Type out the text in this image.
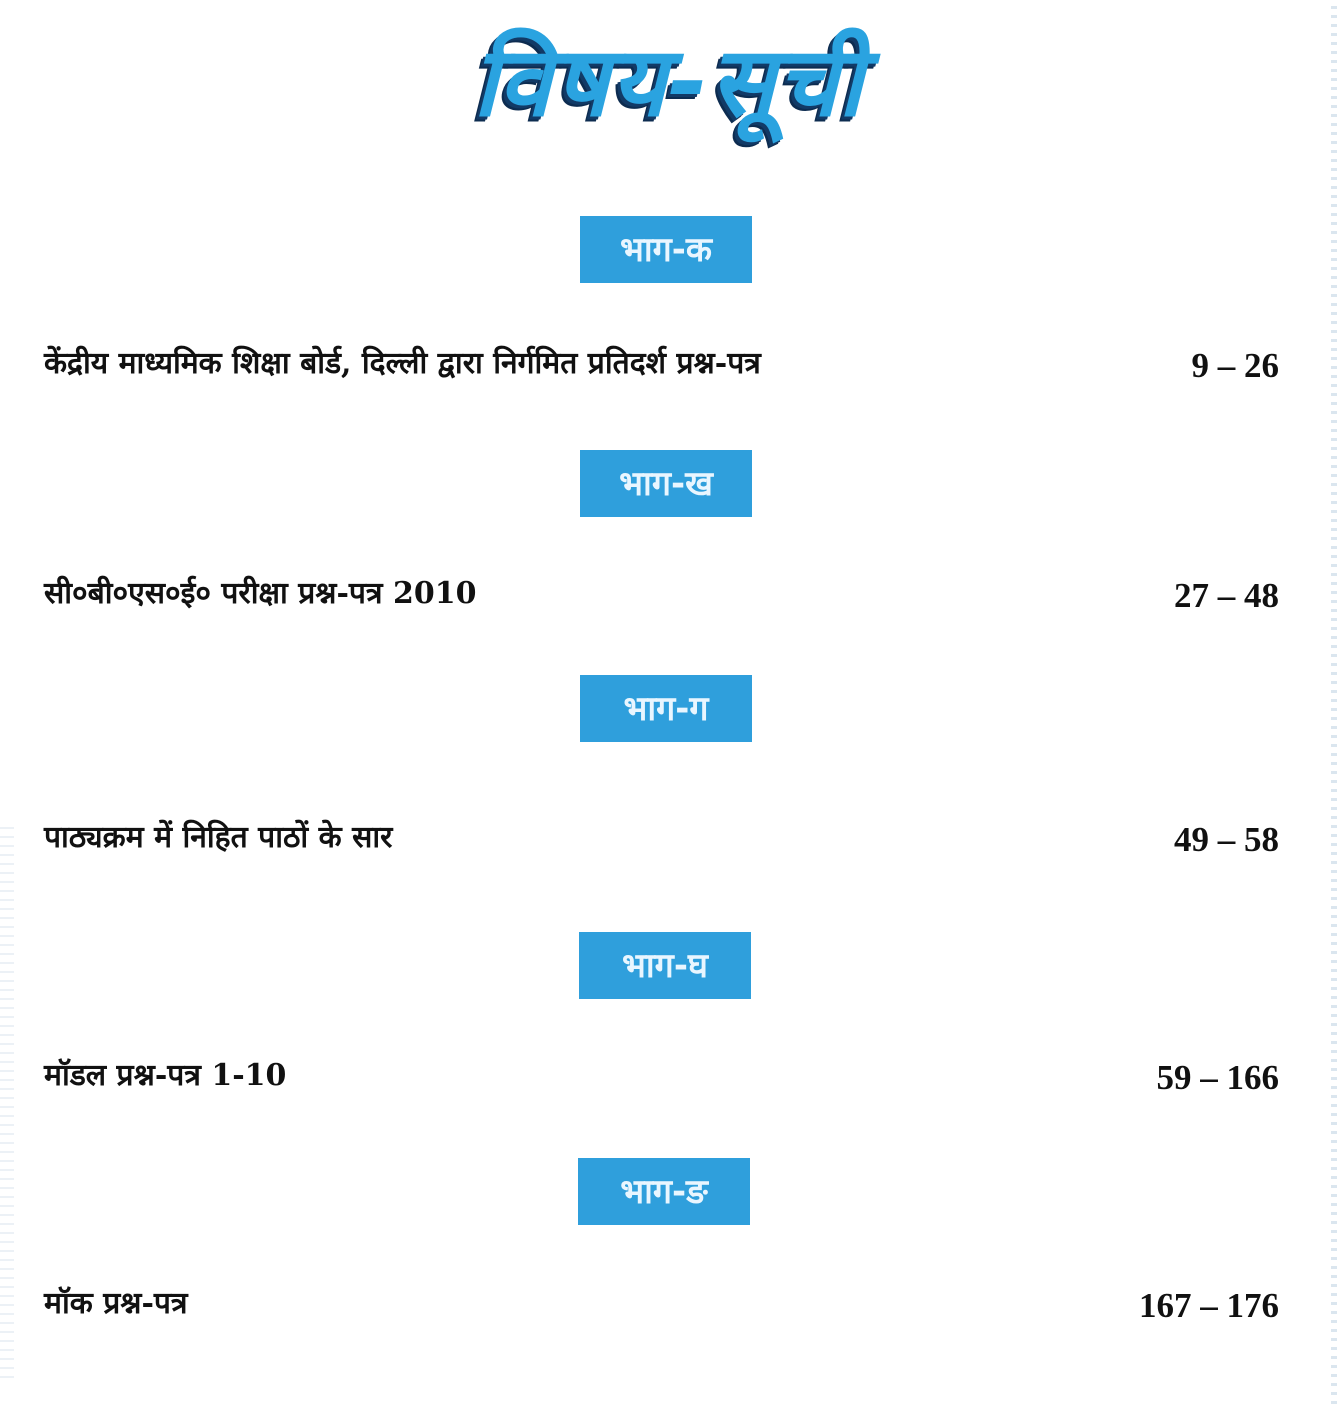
विषय-सूची
भाग-क
केंद्रीय माध्यमिक शिक्षा बोर्ड, दिल्ली द्वारा निर्गमित प्रतिदर्श प्रश्न-पत्र	9 – 26
भाग-ख
सी०बी०एस०ई० परीक्षा प्रश्न-पत्र 2010	27 – 48
भाग-ग
पाठ्यक्रम में निहित पाठों के सार	49 – 58
भाग-घ
मॉडल प्रश्न-पत्र 1-10	59 – 166
भाग-ङ
मॉक प्रश्न-पत्र	167 – 176
